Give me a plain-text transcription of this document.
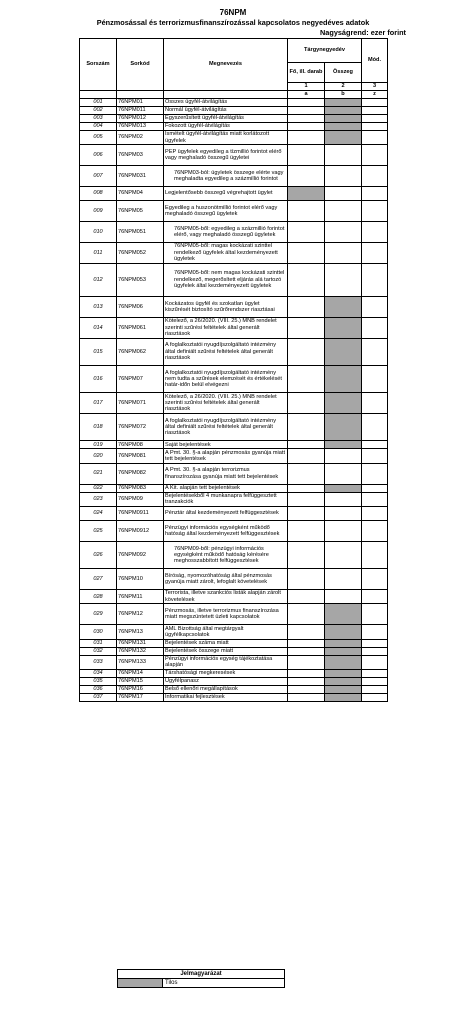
76NPM
Pénzmosással és terrorizmusfinanszírozással kapcsolatos negyedéves adatok
Nagyságrend: ezer forint
Sorszám	Sorkód	Megnevezés	Tárgynegyedév		Mód.
			Fő, ill. darab	Összeg	
			1	2	3
			a	b	z
001	76NPM01	Összes ügyfél-átvilágítás			
002	76NPM011	Normál ügyfél-átvilágítás			
003	76NPM012	Egyszerűsített ügyfél-átvilágítás			
004	76NPM013	Fokozott ügyfél-átvilágítás			
005	76NPM02	Ismételt ügyfél-átvilágítás miatt korlátozott ügyfelek			
006	76NPM03	PEP ügyfelek egyedileg a tízmillió forintot elérő vagy meghaladó összegű ügyletei			
007	76NPM031	76NPM03-ból: ügyletek összege elérte vagy meghaladta egyedileg a százmillió forintot			
008	76NPM04	Legjelentősebb összegű végrehajtott ügylet			
009	76NPM05	Egyedileg a huszonötmillió forintot elérő vagy meghaladó összegű ügyletek			
010	76NPM051	76NPM05-ből: egyedileg a százmillió forintot elérő, vagy meghaladó összegű ügyletek			
011	76NPM052	76NPM05-ből: magas kockázati szinttel rendelkező ügyfelek által kezdeményezett ügyletek			
012	76NPM053	76NPM05-ből: nem magas kockázati szinttel rendelkező, megerősített eljárás alá tartozó ügyfelek által kezdeményezett ügyletek			
013	76NPM06	Kockázatos ügyfél és szokatlan ügylet kiszűrését biztosító szűrőrendszer riasztásai			
014	76NPM061	Kötelező, a 26/2020. (VIII. 25.) MNB rendelet szerinti szűrési feltételek által generált riasztások			
015	76NPM062	A foglalkoztatói nyugdíjszolgáltató intézmény által definiált szűrési feltételek által generált riasztások			
016	76NPM07	A foglalkoztatói nyugdíjszolgáltató intézmény nem tudta a szűrések elemzését és értékelését határ-időn belül elvégezni			
017	76NPM071	Kötelező, a 26/2020. (VIII. 25.) MNB rendelet szerinti szűrési feltételek által generált riasztások			
018	76NPM072	A foglalkoztatói nyugdíjszolgáltató intézmény által definiált szűrési feltételek által generált riasztások			
019	76NPM08	Saját bejelentések			
020	76NPM081	A Pmt. 30. §-a alapján pénzmosás gyanúja miatt tett bejelentések			
021	76NPM082	A Pmt. 30. §-a alapján terrorizmus finanszírozása gyanúja miatt tett bejelentések			
022	76NPM083	A Kit. alapján tett bejelentések			
023	76NPM09	Bejelentésekből 4 munkanapra felfüggesztett tranzakciók			
024	76NPM0911	Pénztár által kezdeményezett felfüggesztések			
025	76NPM0912	Pénzügyi információs egységként működő hatóság által kezdeményezett felfüggesztések			
026	76NPM092	76NPM09-ből: pénzügyi információs egységként működő hatóság kérésére meghosszabbított felfüggesztések			
027	76NPM10	Bíróság, nyomozóhatóság által pénzmosás gyanúja miatt zárolt, lefoglalt követelések			
028	76NPM11	Terrorista, illetve szankciós listák alapján zárolt követelések			
029	76NPM12	Pénzmosás, illetve terrorizmus finanszírozása miatt megszüntetett üzleti kapcsolatok			
030	76NPM13	AML Bizottság által megtárgyalt ügyfélkapcsolatok			
031	76NPM131	Bejelentések száma miatt			
032	76NPM132	Bejelentések összege miatt			
033	76NPM133	Pénzügyi információs egység tájékoztatása alapján			
034	76NPM14	Társhatósági megkeresések			
035	76NPM15	Ügyfélpanasz			
036	76NPM16	Belső ellenőri megállapítások			
037	76NPM17	Informatikai fejlesztések			
Jelmagyarázat
	Tilos
